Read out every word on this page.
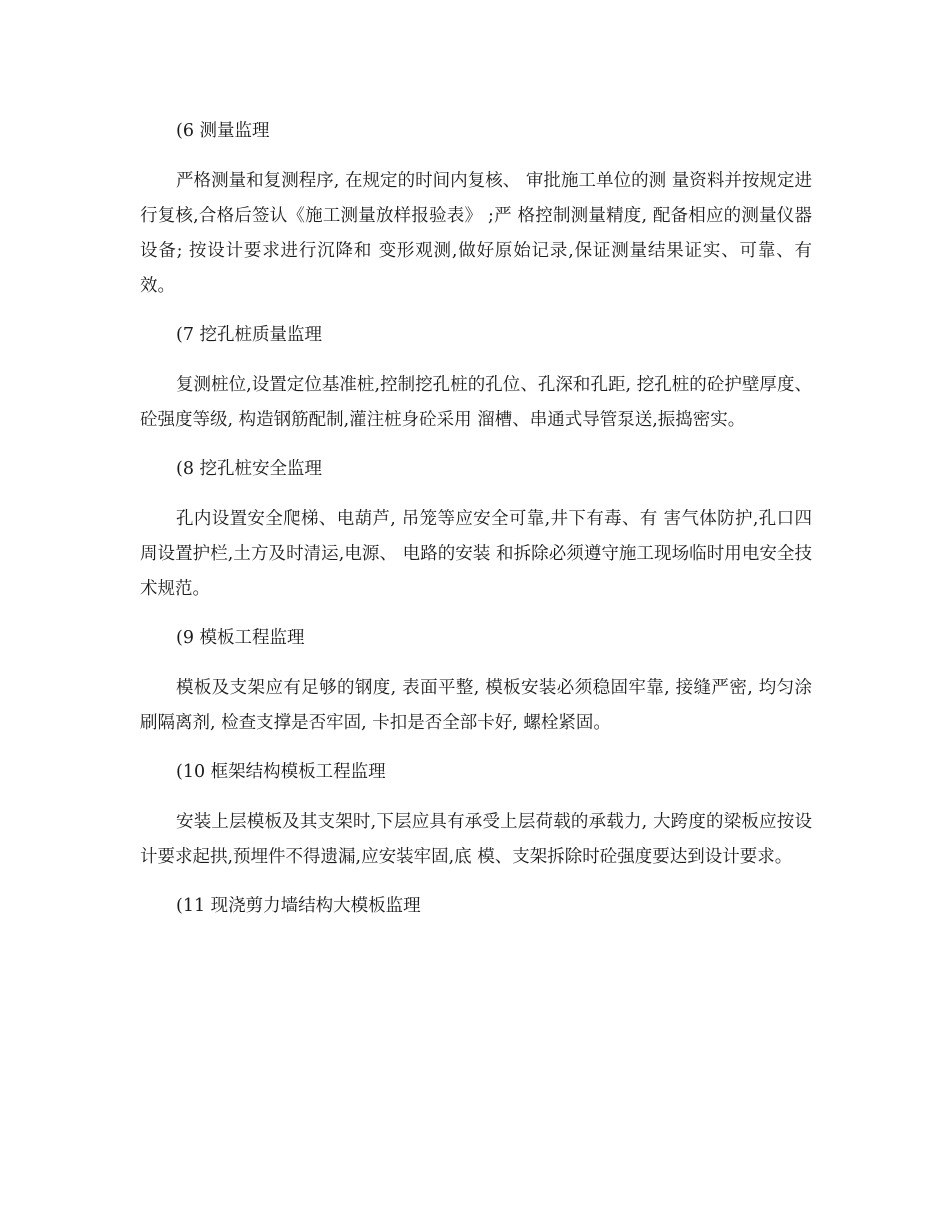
(6 测量监理

严格测量和复测程序, 在规定的时间内复核、 审批施工单位的测 量资料并按规定进行复核,合格后签认《施工测量放样报验表》 ;严 格控制测量精度, 配备相应的测量仪器设备; 按设计要求进行沉降和 变形观测,做好原始记录,保证测量结果证实、可靠、有效。

(7 挖孔桩质量监理

复测桩位,设置定位基准桩,控制挖孔桩的孔位、孔深和孔距, 挖孔桩的砼护壁厚度、 砼强度等级, 构造钢筋配制,灌注桩身砼采用 溜槽、串通式导管泵送,振捣密实。

(8 挖孔桩安全监理

孔内设置安全爬梯、电葫芦, 吊笼等应安全可靠,井下有毒、有 害气体防护,孔口四周设置护栏,土方及时清运,电源、 电路的安装 和拆除必须遵守施工现场临时用电安全技术规范。

(9 模板工程监理

模板及支架应有足够的钢度, 表面平整, 模板安装必须稳固牢靠, 接缝严密, 均匀涂刷隔离剂, 检查支撑是否牢固, 卡扣是否全部卡好, 螺栓紧固。

(10 框架结构模板工程监理

安装上层模板及其支架时,下层应具有承受上层荷载的承载力, 大跨度的梁板应按设计要求起拱,预埋件不得遗漏,应安装牢固,底 模、支架拆除时砼强度要达到设计要求。

(11 现浇剪力墙结构大模板监理
